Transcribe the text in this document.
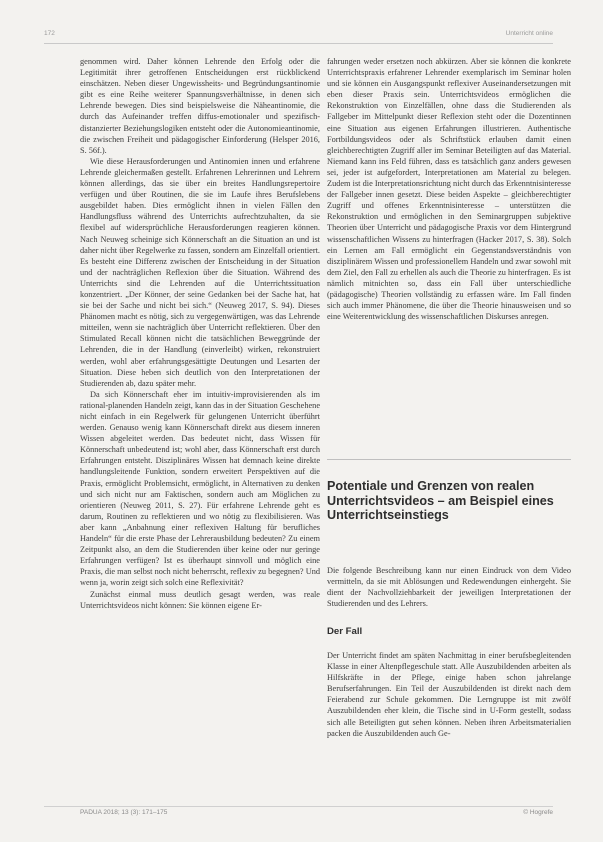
172	Unterricht online

genommen wird. Daher können Lehrende den Erfolg oder die Legitimität ihrer getroffenen Entscheidungen erst rückblickend einschätzen. Neben dieser Ungewissheits- und Begründungsantinomie gibt es eine Reihe weiterer Spannungsverhältnisse, in denen sich Lehrende bewegen. Dies sind beispielsweise die Näheantinomie, die durch das Aufeinander treffen diffus-emotionaler und spezifisch-distanzierter Beziehungslogiken entsteht oder die Autonomieantinomie, die zwischen Freiheit und pädagogischer Einforderung (Helsper 2016, S. 56f.).

Wie diese Herausforderungen und Antinomien innen und erfahrene Lehrende gleichermaßen gestellt. Erfahrenen Lehrerinnen und Lehrern können allerdings, das sie über ein breites Handlungsrepertoire verfügen und über Routinen, die sie im Laufe ihres Berufslebens ausgebildet haben. Dies ermöglicht ihnen in vielen Fällen den Handlungsfluss während des Unterrichts aufrechtzuhalten, da sie flexibel auf widersprüchliche Herausforderungen reagieren können. Nach Neuweg scheinige sich Könnerschaft an die Situation an und ist daher nicht über Regelwerke zu fassen, sondern am Einzelfall orientiert. Es besteht eine Differenz zwischen der Entscheidung in der Situation und der nachträglichen Reflexion über die Situation. Während des Unterrichts sind die Lehrenden auf die Unterrichtssituation konzentriert. „Der Könner, der seine Gedanken bei der Sache hat, hat sie bei der Sache und nicht bei sich.“ (Neuweg 2017, S. 94). Dieses Phänomen macht es nötig, sich zu vergegenwärtigen, was das Lehrende mitteilen, wenn sie nachträglich über Unterricht reflektieren. Über den Stimulated Recall können nicht die tatsächlichen Beweggründe der Lehrenden, die in der Handlung (einverleibt) wirken, rekonstruiert werden, wohl aber erfahrungsgesättigte Deutungen und Lesarten der Situation. Diese heben sich deutlich von den Interpretationen der Studierenden ab, dazu später mehr.

Da sich Könnerschaft eher im intuitiv-improvisierenden als im rational-planenden Handeln zeigt, kann das in der Situation Geschehene nicht einfach in ein Regelwerk für gelungenen Unterricht überführt werden. Genauso wenig kann Könnerschaft direkt aus diesem inneren Wissen abgeleitet werden. Das bedeutet nicht, dass Wissen für Könnerschaft unbedeutend ist; wohl aber, dass Könnerschaft erst durch Erfahrungen entsteht. Disziplinäres Wissen hat demnach keine direkte handlungsleitende Funktion, sondern erweitert Perspektiven auf die Praxis, ermöglicht Problemsicht, ermöglicht, in Alternativen zu denken und sich nicht nur am Faktischen, sondern auch am Möglichen zu orientieren (Neuweg 2011, S. 27). Für erfahrene Lehrende geht es darum, Routinen zu reflektieren und wo nötig zu flexibilisieren. Was aber kann „Anbahnung einer reflexiven Haltung für berufliches Handeln“ für die erste Phase der Lehrerausbildung bedeuten? Zu einem Zeitpunkt also, an dem die Studierenden über keine oder nur geringe Erfahrungen verfügen? Ist es überhaupt sinnvoll und möglich eine Praxis, die man selbst noch nicht beherrscht, reflexiv zu begegnen? Und wenn ja, worin zeigt sich solch eine Reflexivität?

Zunächst einmal muss deutlich gesagt werden, was reale Unterrichtsvideos nicht können: Sie können eigene Er-

fahrungen weder ersetzen noch abkürzen. Aber sie können die konkrete Unterrichtspraxis erfahrener Lehrender exemplarisch im Seminar holen und sie können ein Ausgangspunkt reflexiver Auseinandersetzungen mit eben dieser Praxis sein. Unterrichtsvideos ermöglichen die Rekonstruktion von Einzelfällen, ohne dass die Studierenden als Fallgeber im Mittelpunkt dieser Reflexion steht oder die Dozentinnen eine Situation aus eigenen Erfahrungen illustrieren. Authentische Fortbildungsvideos oder als Schriftstück erlauben damit einen gleichberechtigten Zugriff aller im Seminar Beteiligten auf das Material. Niemand kann ins Feld führen, dass es tatsächlich ganz anders gewesen sei, jeder ist aufgefordert, Interpretationen am Material zu belegen. Zudem ist die Interpretationsrichtung nicht durch das Erkenntnisinteresse der Fallgeber innen gesetzt. Diese beiden Aspekte – gleichberechtigter Zugriff und offenes Erkenntnisinteresse – unterstützen die Rekonstruktion und ermöglichen in den Seminargruppen subjektive Theorien über Unterricht und pädagogische Praxis vor dem Hintergrund wissenschaftlichen Wissens zu hinterfragen (Hacker 2017, S. 38). Solch ein Lernen am Fall ermöglicht ein Gegenstandsverständnis von disziplinärem Wissen und professionellem Handeln und zwar sowohl mit dem Ziel, den Fall zu erhellen als auch die Theorie zu hinterfragen. Es ist nämlich mitnichten so, dass ein Fall über unterschiedliche (pädagogische) Theorien vollständig zu erfassen wäre. Im Fall finden sich auch immer Phänomene, die über die Theorie hinausweisen und so eine Weiterentwicklung des wissenschaftlichen Diskurses anregen.

Potentiale und Grenzen von realen Unterrichtsvideos – am Beispiel eines Unterrichtseinstiegs

Die folgende Beschreibung kann nur einen Eindruck von dem Video vermitteln, da sie mit Ablösungen und Redewendungen einhergeht. Sie dient der Nachvollziehbarkeit der jeweiligen Interpretationen der Studierenden und des Lehrers.

Der Fall

Der Unterricht findet am späten Nachmittag in einer berufsbegleitenden Klasse in einer Altenpflegeschule statt. Alle Auszubildenden arbeiten als Hilfskräfte in der Pflege, einige haben schon jahrelange Berufserfahrungen. Ein Teil der Auszubildenden ist direkt nach dem Feierabend zur Schule gekommen. Die Lerngruppe ist mit zwölf Auszubildenden eher klein, die Tische sind in U-Form gestellt, sodass sich alle Beteiligten gut sehen können. Neben ihren Arbeitsmaterialien packen die Auszubildenden auch Ge-

PADUA 2018; 13 (3): 171–175	© Hogrefe
